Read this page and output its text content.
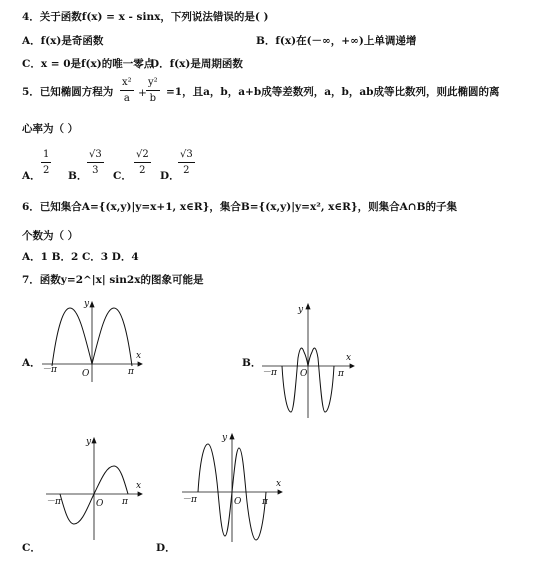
4．关于函数f(x) = x - sinx，下列说法错误的是( )
A．f(x)是奇函数	B．f(x)在(－∞，+∞)上单调递增
C．x = 0是f(x)的唯一零点
D．f(x)是周期函数
5．已知椭圆方程为
x²
a +
y²
b
=1，且a，b，a+b成等差数列，a，b，ab成等比数列，则此椭圆的离
心率为（ ）
A．
1
2 B．
√3
3 C．
√2
2 D．
√3
2
6．已知集合A={(x,y)|y=x+1, x∈R}，集合B={(x,y)|y=x², x∈R}，则集合A∩B的子集
个数为（ ）
A．1 B．2 C．3 D．4
7．函数y=2^|x| sin2x的图象可能是
A．	B．
C．	D．
y
x
O
－π	π
y
x
O
－π	π
y
x
O
－π	π
y
x
O
－π	π
